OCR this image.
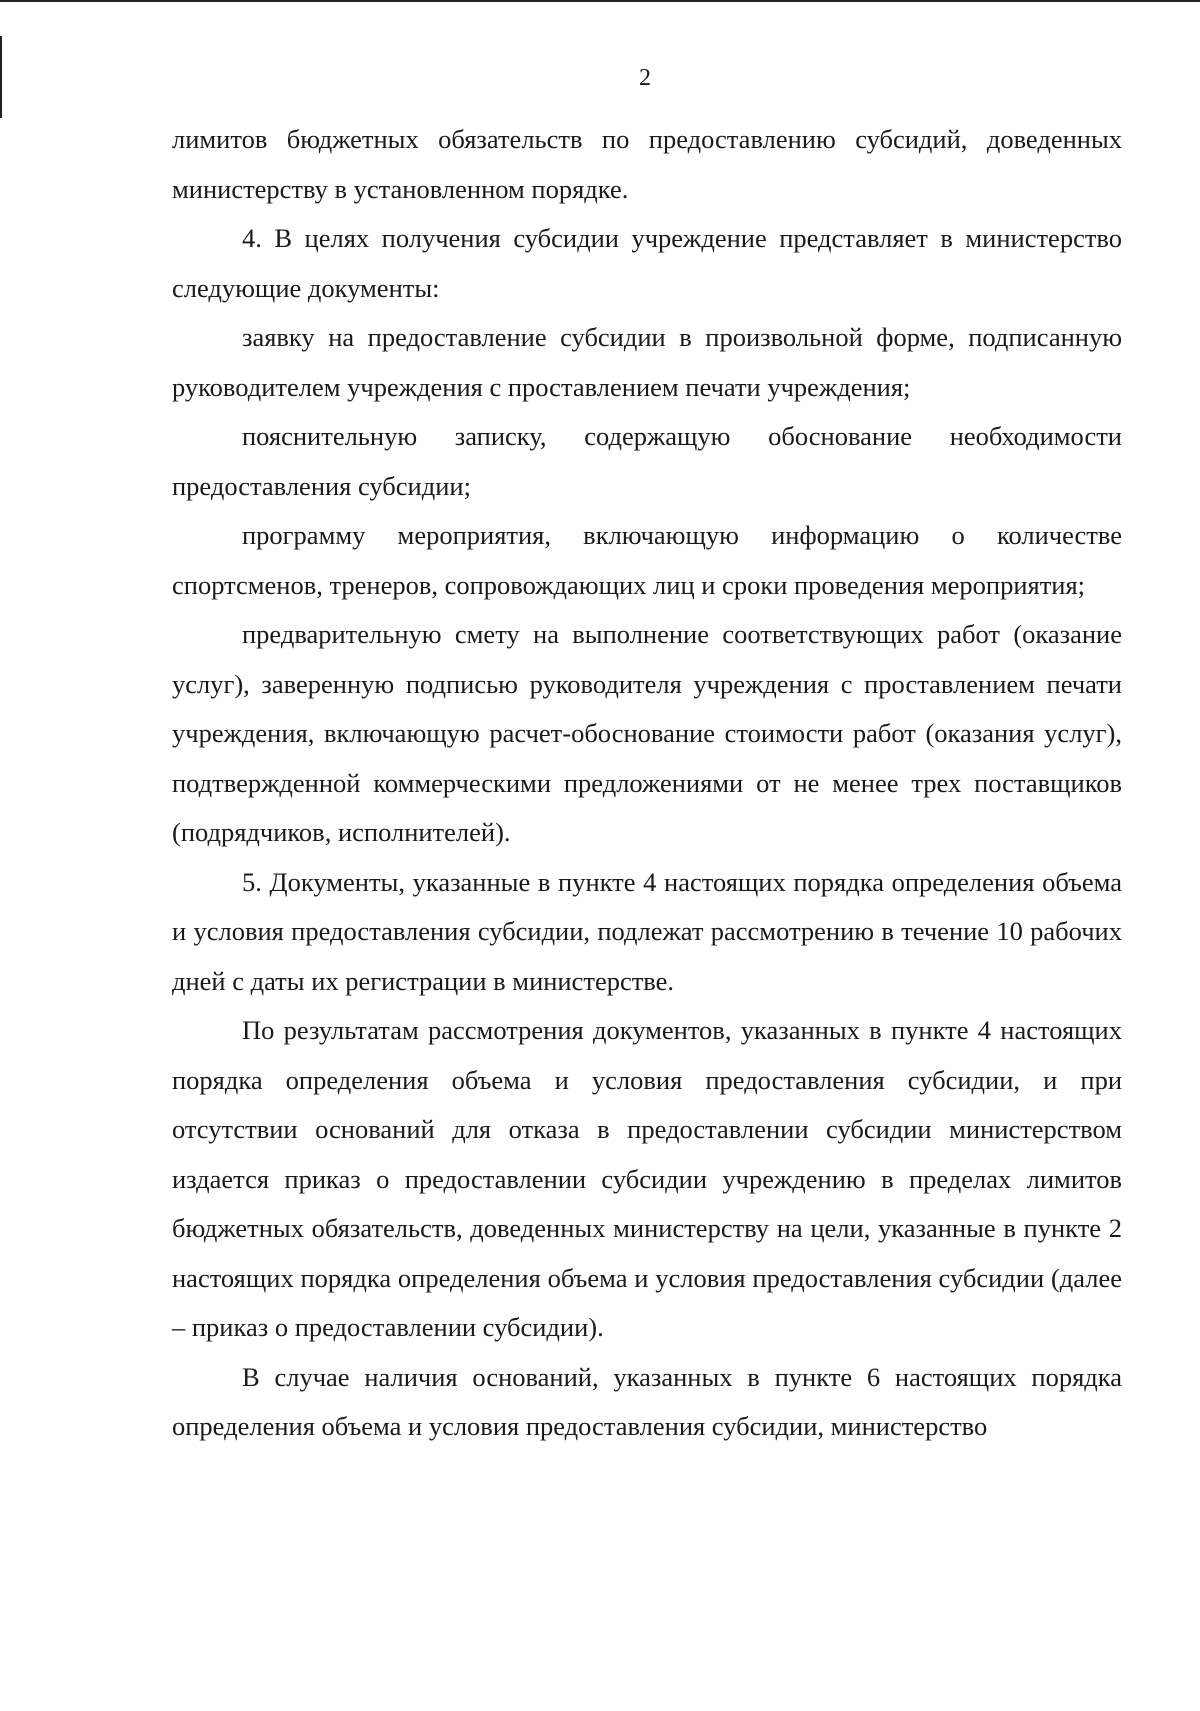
2

лимитов бюджетных обязательств по предоставлению субсидий, доведенных министерству в установленном порядке.

4. В целях получения субсидии учреждение представляет в министерство следующие документы:

заявку на предоставление субсидии в произвольной форме, подписанную руководителем учреждения с проставлением печати учреждения;

пояснительную записку, содержащую обоснование необходимости предоставления субсидии;

программу мероприятия, включающую информацию о количестве спортсменов, тренеров, сопровождающих лиц и сроки проведения мероприятия;

предварительную смету на выполнение соответствующих работ (оказание услуг), заверенную подписью руководителя учреждения с проставлением печати учреждения, включающую расчет-обоснование стоимости работ (оказания услуг), подтвержденной коммерческими предложениями от не менее трех поставщиков (подрядчиков, исполнителей).

5. Документы, указанные в пункте 4 настоящих порядка определения объема и условия предоставления субсидии, подлежат рассмотрению в течение 10 рабочих дней с даты их регистрации в министерстве.

По результатам рассмотрения документов, указанных в пункте 4 настоящих порядка определения объема и условия предоставления субсидии, и при отсутствии оснований для отказа в предоставлении субсидии министерством издается приказ о предоставлении субсидии учреждению в пределах лимитов бюджетных обязательств, доведенных министерству на цели, указанные в пункте 2 настоящих порядка определения объема и условия предоставления субсидии (далее – приказ о предоставлении субсидии).

В случае наличия оснований, указанных в пункте 6 настоящих порядка определения объема и условия предоставления субсидии, министерство
